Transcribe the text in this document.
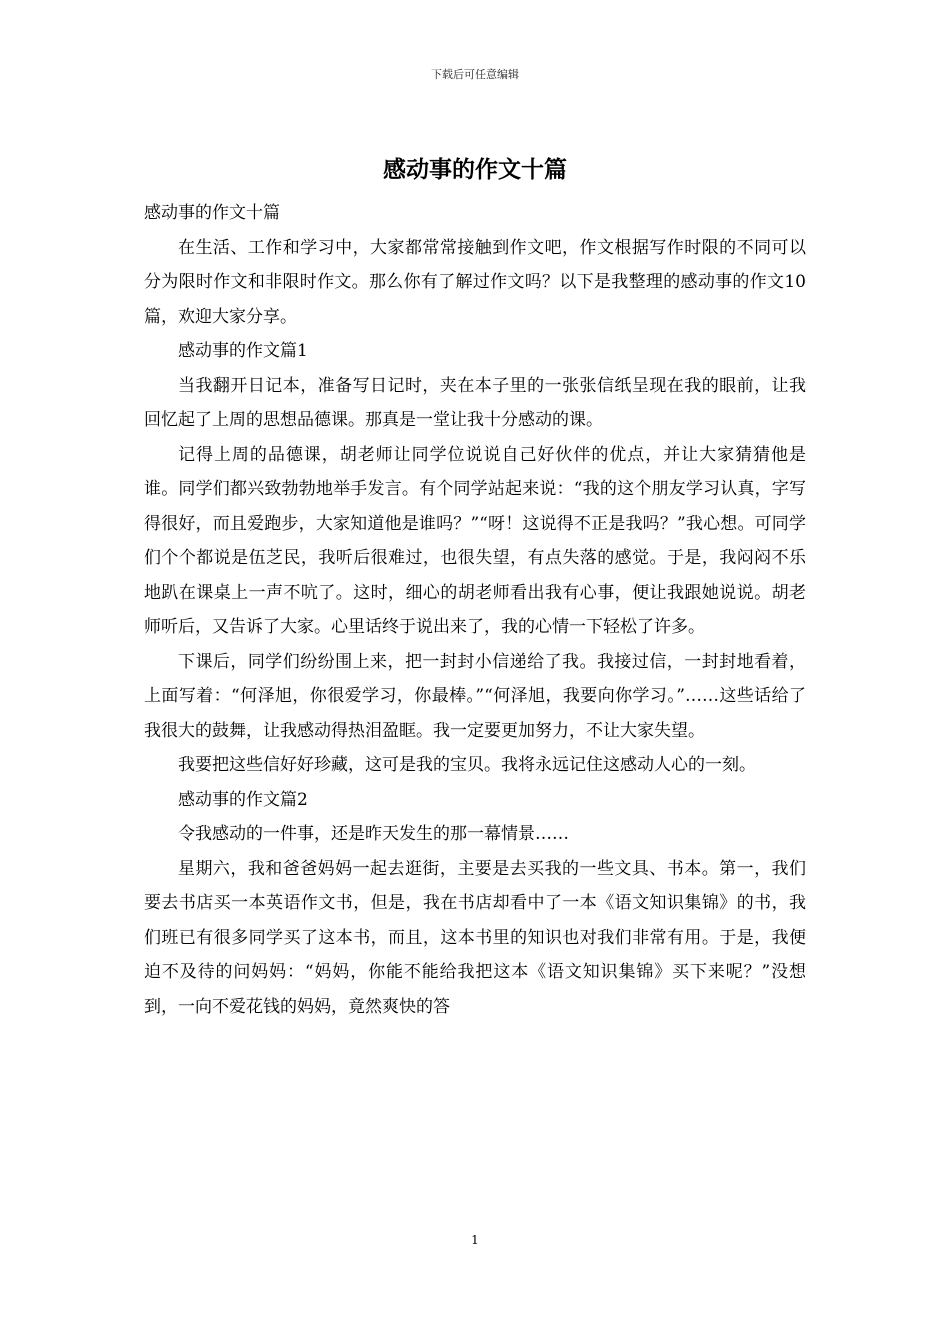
下载后可任意编辑
感动事的作文十篇

感动事的作文十篇

在生活、工作和学习中，大家都常常接触到作文吧，作文根据写作时限的不同可以分为限时作文和非限时作文。那么你有了解过作文吗？以下是我整理的感动事的作文10篇，欢迎大家分享。

感动事的作文篇1

当我翻开日记本，准备写日记时，夹在本子里的一张张信纸呈现在我的眼前，让我回忆起了上周的思想品德课。那真是一堂让我十分感动的课。

记得上周的品德课，胡老师让同学位说说自己好伙伴的优点，并让大家猜猜他是谁。同学们都兴致勃勃地举手发言。有个同学站起来说：“我的这个朋友学习认真，字写得很好，而且爱跑步，大家知道他是谁吗？”“呀！这说得不正是我吗？”我心想。可同学们个个都说是伍芝民，我听后很难过，也很失望，有点失落的感觉。于是，我闷闷不乐地趴在课桌上一声不吭了。这时，细心的胡老师看出我有心事，便让我跟她说说。胡老师听后，又告诉了大家。心里话终于说出来了，我的心情一下轻松了许多。

下课后，同学们纷纷围上来，把一封封小信递给了我。我接过信，一封封地看着，上面写着：“何泽旭，你很爱学习，你最棒。”“何泽旭，我要向你学习。”……这些话给了我很大的鼓舞，让我感动得热泪盈眶。我一定要更加努力，不让大家失望。

我要把这些信好好珍藏，这可是我的宝贝。我将永远记住这感动人心的一刻。

感动事的作文篇2

令我感动的一件事，还是昨天发生的那一幕情景……

星期六，我和爸爸妈妈一起去逛街，主要是去买我的一些文具、书本。第一，我们要去书店买一本英语作文书，但是，我在书店却看中了一本《语文知识集锦》的书，我们班已有很多同学买了这本书，而且，这本书里的知识也对我们非常有用。于是，我便迫不及待的问妈妈：“妈妈，你能不能给我把这本《语文知识集锦》买下来呢？”没想到，一向不爱花钱的妈妈，竟然爽快的答

1
